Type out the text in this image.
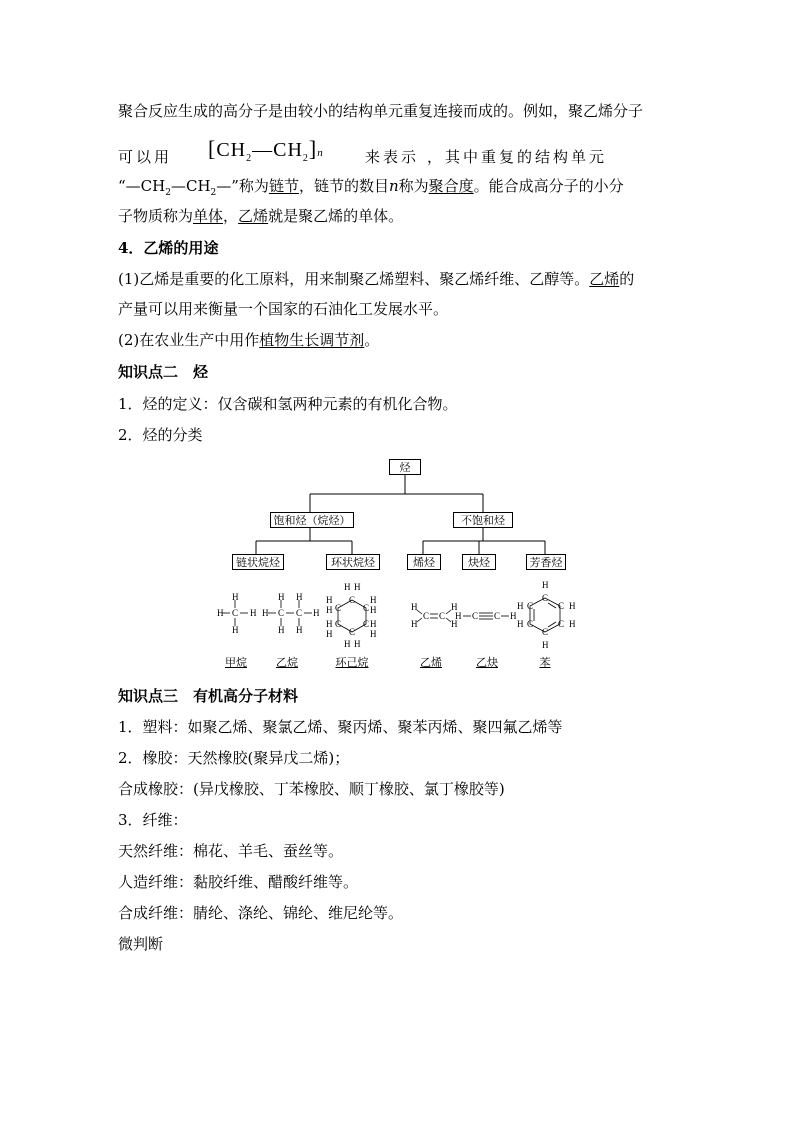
聚合反应生成的高分子是由较小的结构单元重复连接而成的。例如，聚乙烯分子
可以用 $[CH_2—CH_2]n$	来表示 ，其中重复的结构单元
“$—CH_2—CH_2—$”称为链节，链节的数目n称为聚合度。能合成高分子的小分
子物质称为单体，乙烯就是聚乙烯的单体。
4．乙烯的用途
(1)乙烯是重要的化工原料，用来制聚乙烯塑料、聚乙烯纤维、乙醇等。乙烯的
产量可以用来衡量一个国家的石油化工发展水平。
(2)在农业生产中用作植物生长调节剂。
知识点二　烃
1．烃的定义：仅含碳和氢两种元素的有机化合物。
2．烃的分类
烃
饱和烃（烷烃）	不饱和烃
链状烷烃	环状烷烃	烯烃	炔烃	芳香烃
H C H
H
H
H C C H
H H
H H
C
C
C
C
C
C
H H
H
H
H
H
H H
H
H
H
H	H
H
C C
H
H
H C C H
H
C
C
C
C
C
C	H
H
H
H
H
甲烷	乙烷	环己烷	乙烯	乙炔	苯
知识点三　有机高分子材料
1．塑料：如聚乙烯、聚氯乙烯、聚丙烯、聚苯丙烯、聚四氟乙烯等
2．橡胶：天然橡胶(聚异戊二烯)；
合成橡胶：(异戊橡胶、丁苯橡胶、顺丁橡胶、氯丁橡胶等)
3．纤维：
天然纤维：棉花、羊毛、蚕丝等。
人造纤维：黏胶纤维、醋酸纤维等。
合成纤维：腈纶、涤纶、锦纶、维尼纶等。
微判断
